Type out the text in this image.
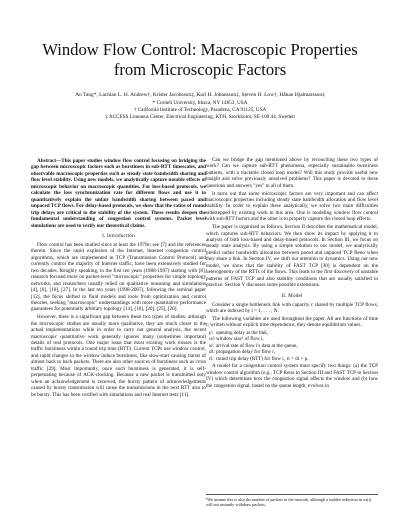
Window Flow Control: Macroscopic Properties
from Microscopic Factors
Ao Tang*, Lachlan L. H. Andrew†, Krister Jacobsson‡, Karl H. Johansson‡, Steven H. Low†, Håkan Hjalmarsson‡
* Cornell University, Ithaca, NY 14853, USA
† California Institute of Technology, Pasadena, CA 91125, USA
‡ ACCESS Linnaeus Center, Electrical Engineering, KTH, Stockholm, SE-100 44, Sweden

Abstract—This paper studies window flow control focusing on bridging the gap between microscopic factors such as burstiness in sub-RTT timescales, and observable macroscopic properties such as steady state bandwidth sharing and flow level stability. Using new models, we analytically capture notable effects of microscopic behavior on macroscopic quantities. For loss-based protocols, we calculate the loss synchronization rate for different flows and use it to quantitatively explain the unfair bandwidth sharing between paced and unpaced TCP flows. For delay-based protocols, we show that the ratios of round trip delays are critical to the stability of the system. These results deepen the fundamental understanding of congestion control systems. Packet level simulations are used to verify our theoretical claims.

I. Introduction

Flow control has been studied since at least the 1970s; see [7] and the references therein. Since the rapid explosion of the Internet, Internet congestion control algorithms, which are implemented in TCP (Transmission Control Protocol) and currently control the majority of Internet traffic, have been extensively studied for two decades. Roughly speaking, in the first ten years (1988-1997) starting with [8], research focused more on packet-level "microscopic" properties for simple topology networks, and researchers usually relied on qualitative reasoning and simulations [4], [6], [10], [27]. In the last ten years (1998-2007), following the seminal paper [12], the focus shifted to fluid models and tools from optimization and control theories, seeking "macroscopic" understandings with more quantitative performance guarantees for potentially arbitrary topology [14], [18], [20], [25], [26].

However, there is a significant gap between these two types of studies; although the microscopic studies are usually more qualitative, they are much closer to the actual implementations while in order to carry out general analysis, the recent macroscopic quantitative work generally ignores many (sometimes important) details of real protocols. One major issue that most existing work misses is the traffic burstiness within a round trip time (RTT). Current TCPs use window control, and rapid changes in the window induce burstiness, like slow-start causing bursts of almost back to back packets. There are also other sources of burstiness such as cross traffic [29]. Most importantly, once such burstiness is generated, it is self-perpetuating because of ACK-clocking. Because a new packet is transmitted only when an acknowledgement is received, the bursty pattern of acknowledgements caused by bursty transmission will cause the transmissions in the next RTT also to be bursty. This has been verified with simulations and real Internet tests [11].

Can we bridge the gap mentioned above by reconciling these two types of work? Can we capture sub-RTT phenomena, especially sustainable burstiness patterns, with a tractable closed loop model? Will this study provide useful new insight and solve previously unsolved problems? This paper is devoted to these questions and answers "yes" to all of them.

It turns out that some microscopic factors are very important and can affect macroscopic properties including steady state bandwidth allocation and flow level stability. In order to explain these analytically, we solve two main difficulties sidestepped by existing work in this area. One is modeling window flow control with sub-RTT factors and the other is to properly capture the closed loop effects.

The paper is organized as follows. Section II describes the mathematical model, which captures sub-RTT behaviors. We then show its impact by applying it to analysis of both loss-based and delay-based protocols. In Section III, we focus on steady state analysis. By using a simple solution to our model, we analytically predict unfair bandwidth allocation between paced and unpaced TCP Reno when they share a link. In Section IV, we shift our attention to dynamics. Using our new model, we show that the stability of FAST TCP [30] is dependent on the heterogeneity of the RTTs of the flows. This leads to the first discovery of unstable patterns of FAST TCP and also stability conditions that are usually satisfied in practice. Section V discusses some possible extensions.

II. Model

Consider a single bottleneck link with capacity c shared by multiple TCP flows, which are indexed by i = 1, . . . , N.

The following variables are used throughout the paper. All are functions of time t; written without explicit time dependence, they denote equilibrium values.

p: queuing delay at the link,
wi: window size¹ of flow i,
xi: arrival rate of flow i's data at the queue,
di: propagation delay for flow i,
τi: round trip delay (RTT) for flow i, τi = di + p.

A model for a congestion control system must specify two things: (a) the TCP window control algorithm (e.g., TCP Reno in Section III and FAST TCP in Section IV) which determines how the congestion signal affects the window and (b) how the congestion signal, based on the queue length, evolves in

¹We assume this is also the number of packets in the network, although a sudden reduction in wi(t) will not instantly withdraw packets.
